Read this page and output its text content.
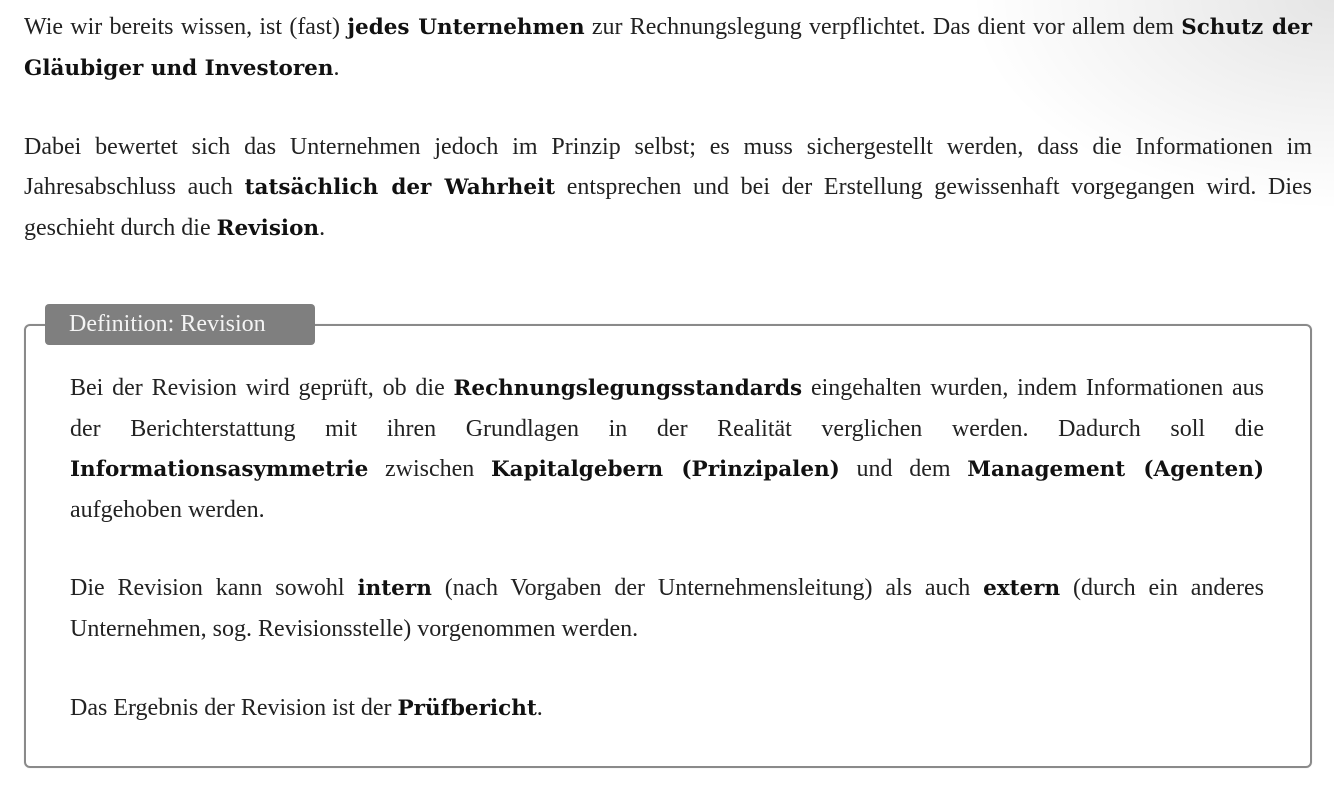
Wie wir bereits wissen, ist (fast) jedes Unternehmen zur Rechnungslegung verpflichtet. Das dient vor allem dem Schutz der Gläubiger und Investoren.

Dabei bewertet sich das Unternehmen jedoch im Prinzip selbst; es muss sichergestellt werden, dass die Informationen im Jahresabschluss auch tatsächlich der Wahrheit entsprechen und bei der Erstellung gewissenhaft vorgegangen wird. Dies geschieht durch die Revision.

Definition: Revision

Bei der Revision wird geprüft, ob die Rechnungslegungsstandards eingehalten wurden, indem Informationen aus der Berichterstattung mit ihren Grundlagen in der Realität verglichen werden. Dadurch soll die Informationsasymmetrie zwischen Kapitalgebern (Prinzipalen) und dem Management (Agenten) aufgehoben werden.

Die Revision kann sowohl intern (nach Vorgaben der Unternehmensleitung) als auch extern (durch ein anderes Unternehmen, sog. Revisionsstelle) vorgenommen werden.

Das Ergebnis der Revision ist der Prüfbericht.
